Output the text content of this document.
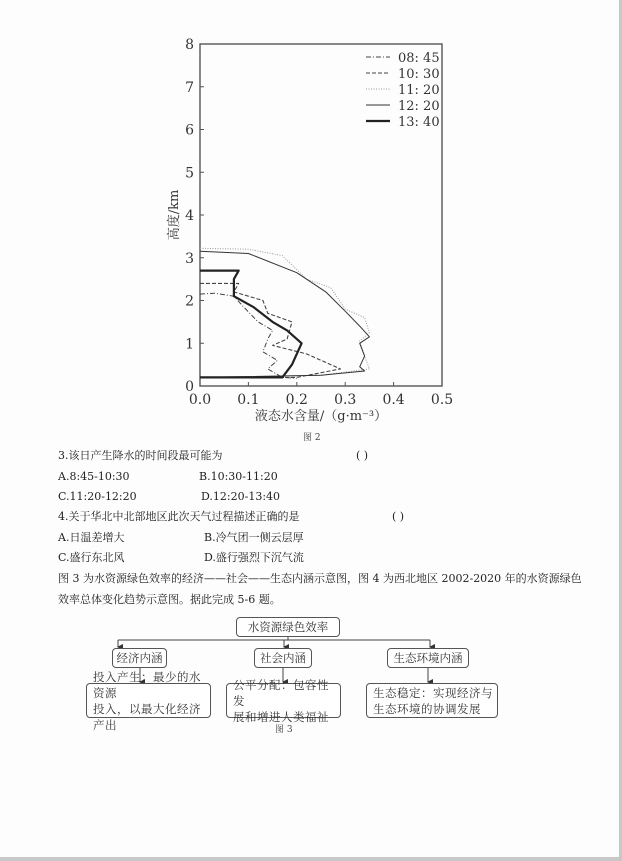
0
1
2
3
4
5
6
7
8
0.0 0.1 0.2 0.3 0.4 0.5
08: 45
10: 30
11: 20
12: 20
13: 40
高度/km
液态水含量/（g·m⁻³）
图 2
3.该日产生降水的时间段最可能为	( )
A.8:45-10:30	B.10:30-11:20
C.11:20-12:20	D.12:20-13:40
4.关于华北中北部地区此次天气过程描述正确的是	( )
A.日温差增大	B.冷气团一侧云层厚
C.盛行东北风	D.盛行强烈下沉气流
图 3 为水资源绿色效率的经济——社会——生态内涵示意图，图 4 为西北地区 2002-2020 年的水资源绿色
效率总体变化趋势示意图。据此完成 5-6 题。
水资源绿色效率
经济内涵	社会内涵	生态环境内涵
投入产生：最少的水资源
投入，以最大化经济产出
公平分配：包容性发
展和增进人类福祉
生态稳定：实现经济与
生态环境的协调发展
图 3
